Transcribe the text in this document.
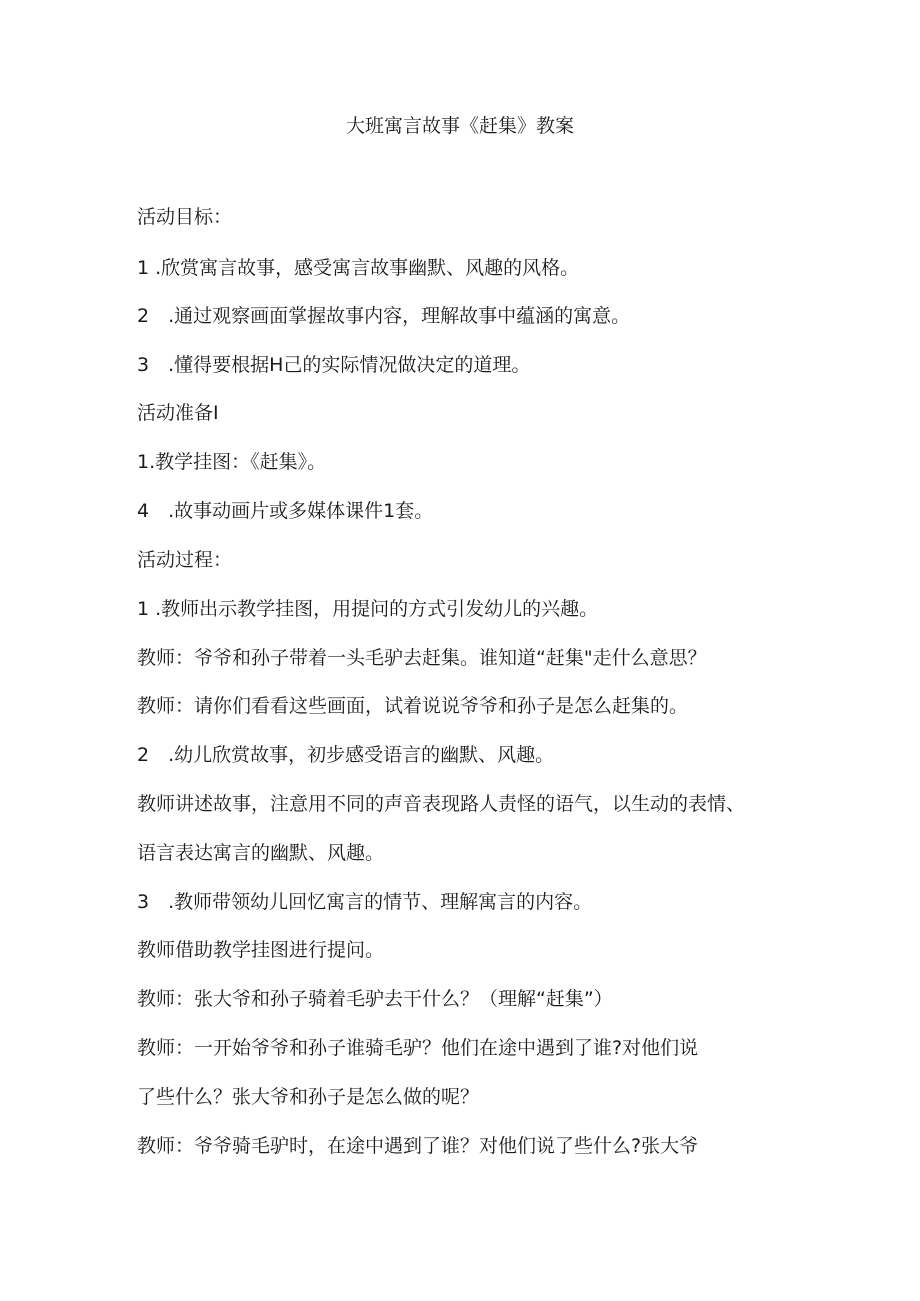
大班寓言故事《赶集》教案
活动目标：
1 .欣赏寓言故事，感受寓言故事幽默、风趣的风格。
2　.通过观察画面掌握故事内容，理解故事中蕴涵的寓意。
3　.懂得要根据H己的实际情况做决定的道理。
活动准备I
1.教学挂图：《赶集》。
4　.故事动画片或多媒体课件1套。
活动过程：
1 .教师出示教学挂图，用提问的方式引发幼儿的兴趣。
教师：爷爷和孙子带着一头毛驴去赶集。谁知道“赶集"走什么意思？
教师：请你们看看这些画面，试着说说爷爷和孙子是怎么赶集的。
2　.幼儿欣赏故事，初步感受语言的幽默、风趣。
教师讲述故事，注意用不同的声音表现路人责怪的语气，以生动的表情、
语言表达寓言的幽默、风趣。
3　.教师带领幼儿回忆寓言的情节、理解寓言的内容。
教师借助教学挂图进行提问。
教师：张大爷和孙子骑着毛驴去干什么？（理解“赶集”）
教师：一开始爷爷和孙子谁骑毛驴？他们在途中遇到了谁?对他们说
了些什么？张大爷和孙子是怎么做的呢？
教师：爷爷骑毛驴时，在途中遇到了谁？对他们说了些什么?张大爷
